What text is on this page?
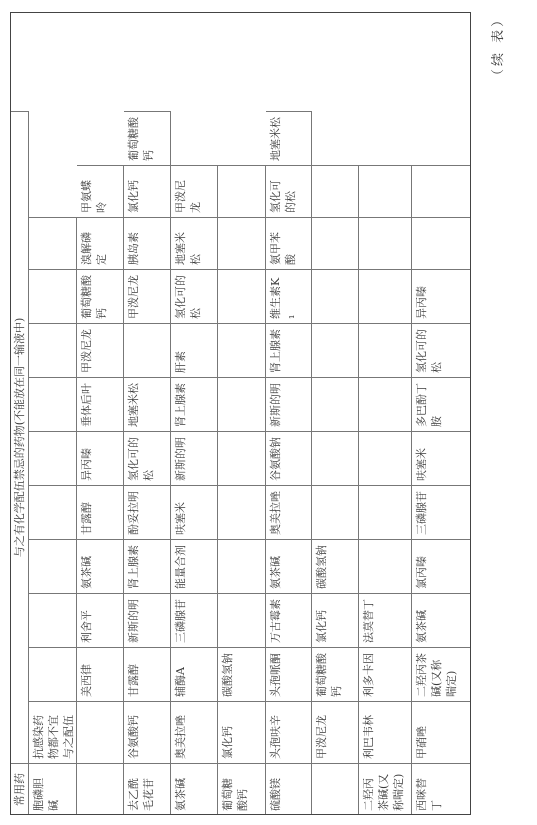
（续 表）
常用药
与之有化学配伍禁忌的药物(不能放在同一输液中)
胞磷胆碱
抗感染药物都不宜与之配伍
美西律
利舍平
氨茶碱
甘露醇
异丙嗪
垂体后叶
甲泼尼龙
葡萄糖酸钙
溴解磷定
甲氨蝶呤
去乙酰毛花苷
谷氨酸钙
甘露醇
新斯的明
肾上腺素
酚妥拉明
氢化可的松
地塞米松
甲泼尼龙
胰岛素
氯化钙
葡萄糖酸钙
氨茶碱
奥美拉唑
辅酶A
三磷腺苷
能量合剂
呋塞米
新斯的明
肾上腺素
肝素
氢化可的松
地塞米松
甲泼尼龙
葡萄糖酸钙
氯化钙
碳酸氢钠
硫酸镁
头孢呋辛
头孢哌酮
万古霉素
氨茶碱
奥美拉唑
谷氨酸钠
新斯的明
肾上腺素
维生素K₁
氨甲苯酸
氢化可的松
地塞米松
甲泼尼龙
葡萄糖酸钙
氯化钙
碳酸氢钠
二羟丙茶碱(又称喘定)
利巴韦林
利多卡因
法莫替丁
西咪替丁
甲硝唑
二羟丙茶碱(又称喘定)
氨茶碱
氯丙嗪
三磷腺苷
呋塞米
多巴酚丁胺
氢化可的松
异丙嗪
